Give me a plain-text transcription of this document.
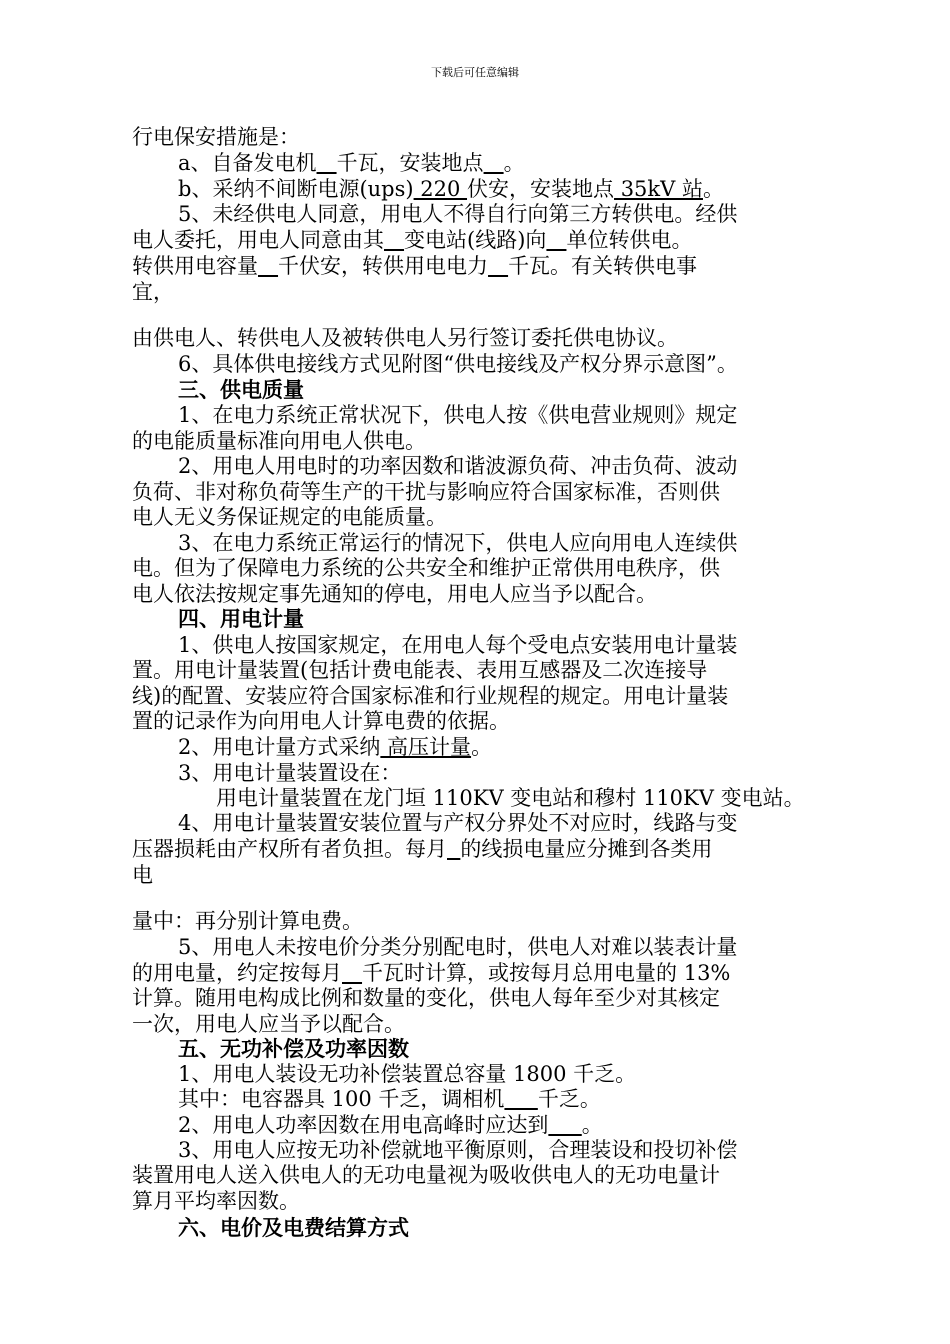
下载后可任意编辑
行电保安措施是：
a、自备发电机 千瓦，安装地点 。
b、采纳不间断电源(ups) 220 伏安，安装地点 35kV 站。
5、未经供电人同意，用电人不得自行向第三方转供电。经供
电人委托，用电人同意由其 变电站(线路)向 单位转供电。
转供用电容量 千伏安，转供用电电力 千瓦。有关转供电事
宜，
由供电人、转供电人及被转供电人另行签订委托供电协议。
6、具体供电接线方式见附图“供电接线及产权分界示意图”。
三、供电质量
1、在电力系统正常状况下，供电人按《供电营业规则》规定
的电能质量标准向用电人供电。
2、用电人用电时的功率因数和谐波源负荷、冲击负荷、波动
负荷、非对称负荷等生产的干扰与影响应符合国家标准，否则供
电人无义务保证规定的电能质量。
3、在电力系统正常运行的情况下，供电人应向用电人连续供
电。但为了保障电力系统的公共安全和维护正常供用电秩序，供
电人依法按规定事先通知的停电，用电人应当予以配合。
四、用电计量
1、供电人按国家规定，在用电人每个受电点安装用电计量装
置。用电计量装置(包括计费电能表、表用互感器及二次连接导
线)的配置、安装应符合国家标准和行业规程的规定。用电计量装
置的记录作为向用电人计算电费的依据。
2、用电计量方式采纳 高压计量。
3、用电计量装置设在：
用电计量装置在龙门垣 110KV 变电站和穆村 110KV 变电站。
4、用电计量装置安装位置与产权分界处不对应时，线路与变
压器损耗由产权所有者负担。每月 的线损电量应分摊到各类用
电
量中：再分别计算电费。
5、用电人未按电价分类分别配电时，供电人对难以装表计量
的用电量，约定按每月 千瓦时计算，或按每月总用电量的 13%
计算。随用电构成比例和数量的变化，供电人每年至少对其核定
一次，用电人应当予以配合。
五、无功补偿及功率因数
1、用电人装设无功补偿装置总容量 1800 千乏。
其中：电容器具 100 千乏，调相机 千乏。
2、用电人功率因数在用电高峰时应达到 。
3、用电人应按无功补偿就地平衡原则，合理装设和投切补偿
装置用电人送入供电人的无功电量视为吸收供电人的无功电量计
算月平均率因数。
六、电价及电费结算方式
